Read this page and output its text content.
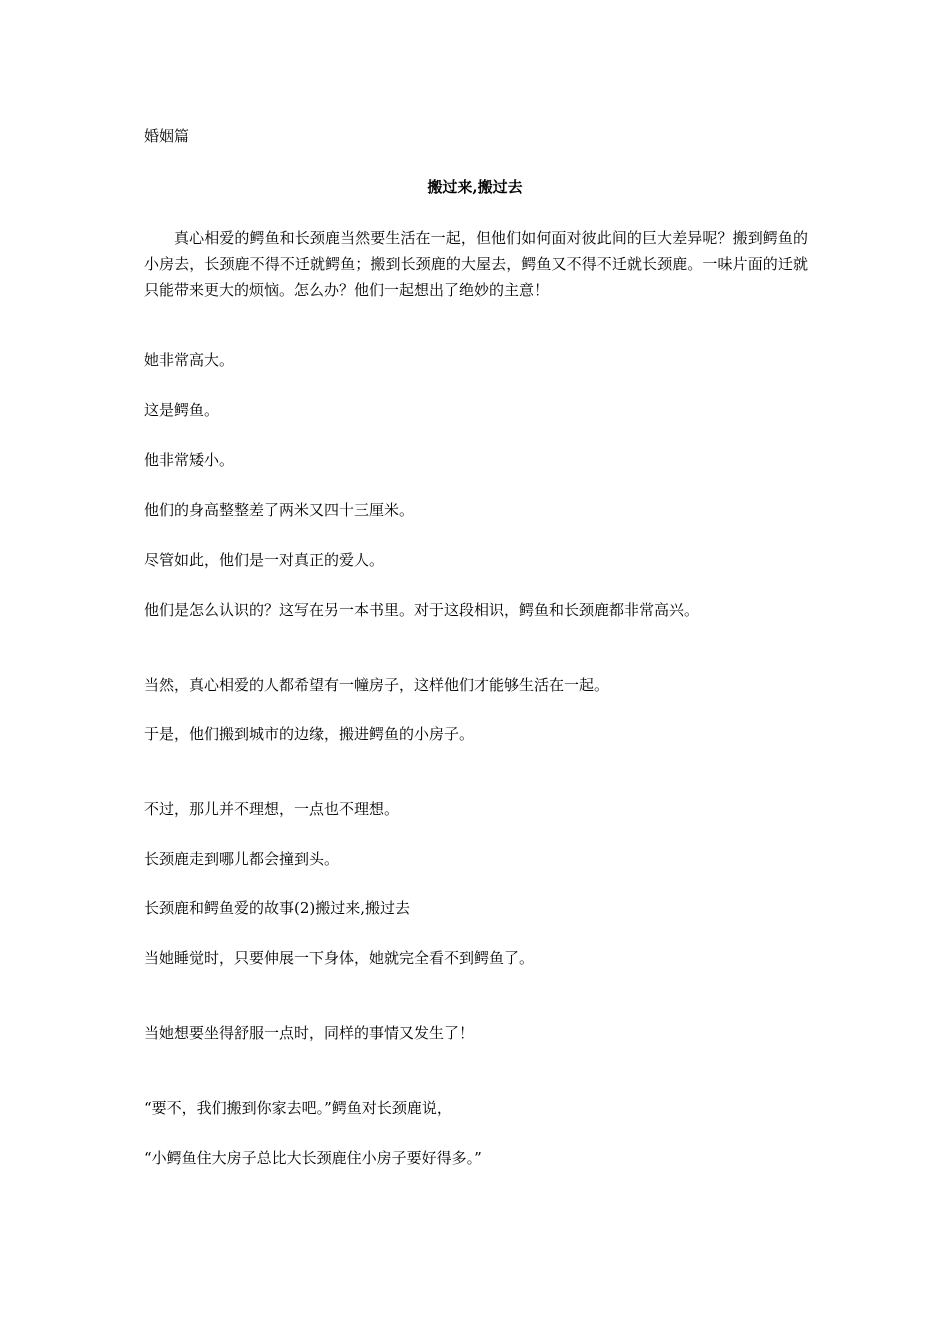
婚姻篇

搬过来,搬过去

真心相爱的鳄鱼和长颈鹿当然要生活在一起，但他们如何面对彼此间的巨大差异呢？搬到鳄鱼的小房去，长颈鹿不得不迁就鳄鱼；搬到长颈鹿的大屋去，鳄鱼又不得不迁就长颈鹿。一味片面的迁就只能带来更大的烦恼。怎么办？他们一起想出了绝妙的主意！

她非常高大。

这是鳄鱼。

他非常矮小。

他们的身高整整差了两米又四十三厘米。

尽管如此，他们是一对真正的爱人。

他们是怎么认识的？这写在另一本书里。对于这段相识，鳄鱼和长颈鹿都非常高兴。

当然，真心相爱的人都希望有一幢房子，这样他们才能够生活在一起。

于是，他们搬到城市的边缘，搬进鳄鱼的小房子。

不过，那儿并不理想，一点也不理想。

长颈鹿走到哪儿都会撞到头。

长颈鹿和鳄鱼爱的故事(2)搬过来,搬过去

当她睡觉时，只要伸展一下身体，她就完全看不到鳄鱼了。

当她想要坐得舒服一点时，同样的事情又发生了！

“要不，我们搬到你家去吧。”鳄鱼对长颈鹿说，

“小鳄鱼住大房子总比大长颈鹿住小房子要好得多。”
